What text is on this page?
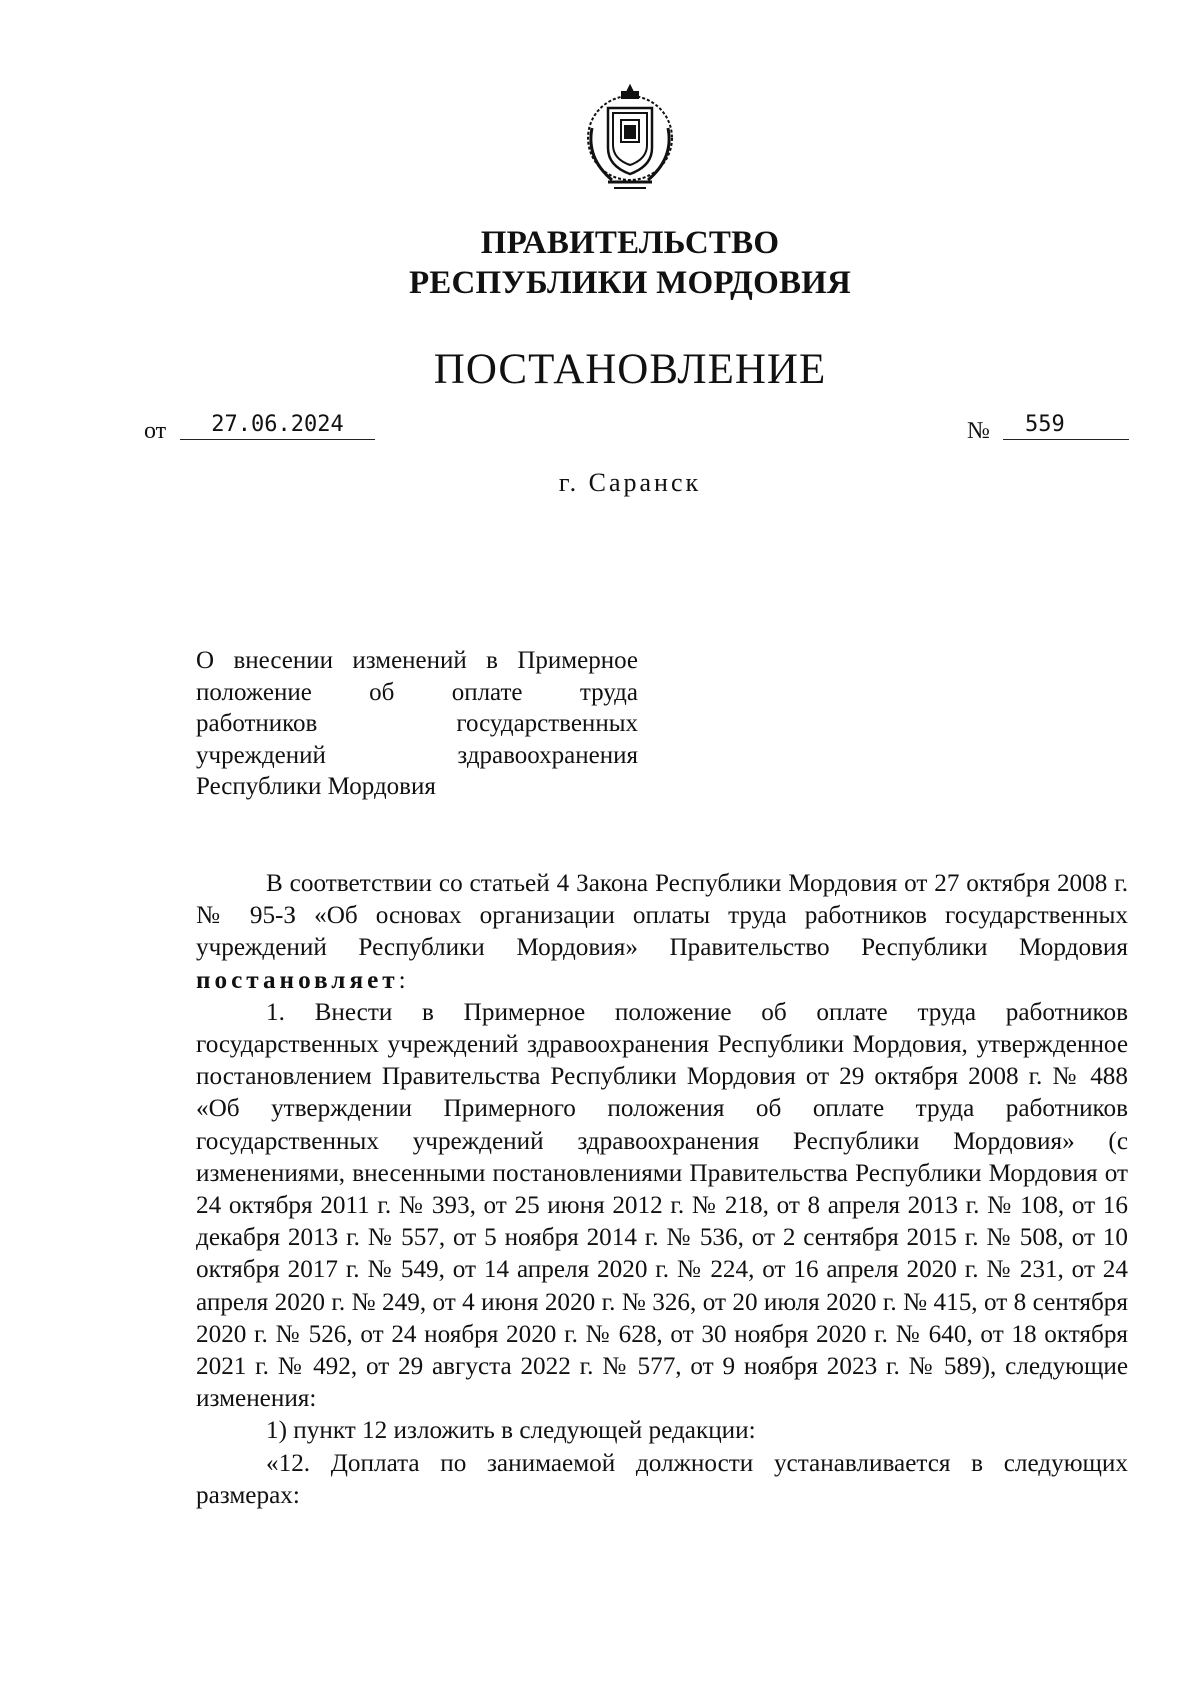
ПРАВИТЕЛЬСТВО
РЕСПУБЛИКИ МОРДОВИЯ
ПОСТАНОВЛЕНИЕ
от	27.06.2024	№	559
г. Саранск
О внесении изменений в Примерное
положение об оплате труда
работников государственных
учреждений здравоохранения
Республики Мордовия

В соответствии со статьей 4 Закона Республики Мордовия от 27 октября 2008 г. № 95-З «Об основах организации оплаты труда работников государственных учреждений Республики Мордовия» Правительство Республики Мордовия постановляет:

1. Внести в Примерное положение об оплате труда работников государственных учреждений здравоохранения Республики Мордовия, утвержденное постановлением Правительства Республики Мордовия от 29 октября 2008 г. № 488 «Об утверждении Примерного положения об оплате труда работников государственных учреждений здравоохранения Республики Мордовия» (с изменениями, внесенными постановлениями Правительства Республики Мордовия от 24 октября 2011 г. № 393, от 25 июня 2012 г. № 218, от 8 апреля 2013 г. № 108, от 16 декабря 2013 г. № 557, от 5 ноября 2014 г. № 536, от 2 сентября 2015 г. № 508, от 10 октября 2017 г. № 549, от 14 апреля 2020 г. № 224, от 16 апреля 2020 г. № 231, от 24 апреля 2020 г. № 249, от 4 июня 2020 г. № 326, от 20 июля 2020 г. № 415, от 8 сентября 2020 г. № 526, от 24 ноября 2020 г. № 628, от 30 ноября 2020 г. № 640, от 18 октября 2021 г. № 492, от 29 августа 2022 г. № 577, от 9 ноября 2023 г. № 589), следующие изменения:

1) пункт 12 изложить в следующей редакции:

«12. Доплата по занимаемой должности устанавливается в следующих размерах:
